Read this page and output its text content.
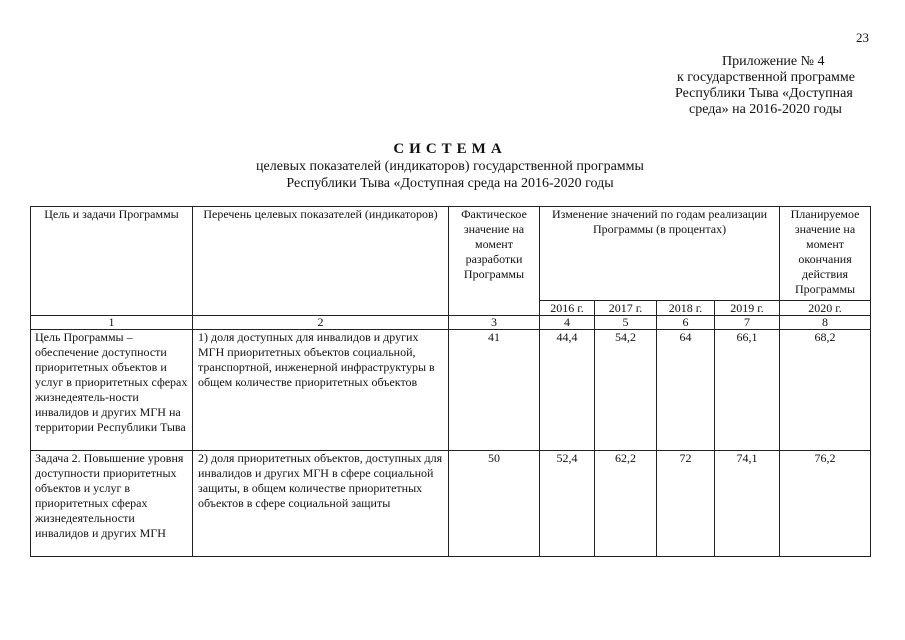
23
Приложение № 4
к государственной программе
Республики Тыва «Доступная
среда» на 2016-2020 годы
СИСТЕМА
целевых показателей (индикаторов) государственной программы
Республики Тыва «Доступная среда на 2016-2020 годы
Цель и задачи Программы	Перечень целевых показателей (индикаторов)	Фактическое значение на момент разработки Программы	Изменение значений по годам реализации Программы (в процентах)				Планируемое значение на момент окончания действия Программы
			2016 г.	2017 г.	2018 г.	2019 г.	2020 г.
1	2	3	4	5	6	7	8
Цель Программы – обеспечение доступности приоритетных объектов и услуг в приоритетных сферах жизнедеятель-ности инвалидов и других МГН на территории Республики Тыва	1) доля доступных для инвалидов и других МГН приоритетных объектов социальной, транспортной, инженерной инфраструктуры в общем количестве приоритетных объектов	41	44,4	54,2	64	66,1	68,2
Задача 2. Повышение уровня доступности приоритетных объектов и услуг в приоритетных сферах жизнедеятельности инвалидов и других МГН	2) доля приоритетных объектов, доступных для инвалидов и других МГН в сфере социальной защиты, в общем количестве приоритетных объектов в сфере социальной защиты	50	52,4	62,2	72	74,1	76,2
